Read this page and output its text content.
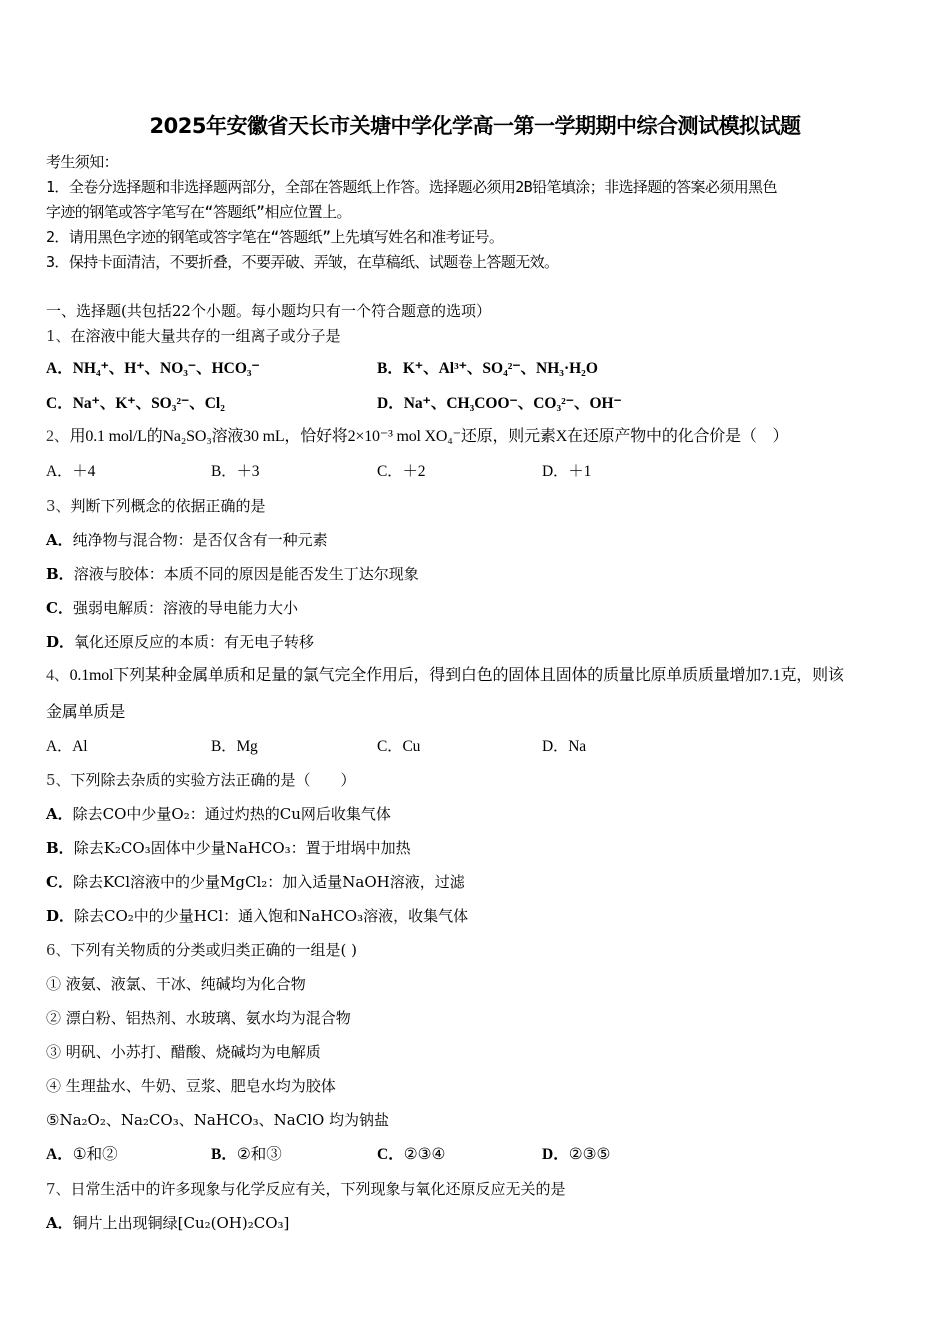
2025年安徽省天长市关塘中学化学高一第一学期期中综合测试模拟试题
考生须知：
1．全卷分选择题和非选择题两部分，全部在答题纸上作答。选择题必须用2B铅笔填涂；非选择题的答案必须用黑色
字迹的钢笔或答字笔写在“答题纸”相应位置上。
2．请用黑色字迹的钢笔或答字笔在“答题纸”上先填写姓名和准考证号。
3．保持卡面清洁，不要折叠，不要弄破、弄皱，在草稿纸、试题卷上答题无效。
一、选择题(共包括22个小题。每小题均只有一个符合题意的选项）
1、在溶液中能大量共存的一组离子或分子是
A．NH₄⁺、H⁺、NO₃⁻、HCO₃⁻	B．K⁺、Al³⁺、SO₄²⁻、NH₃·H₂O
C．Na⁺、K⁺、SO₃²⁻、Cl₂	D．Na⁺、CH₃COO⁻、CO₃²⁻、OH⁻
2、用0.1 mol/L的Na₂SO₃溶液30 mL，恰好将2×10⁻³ mol XO₄⁻还原，则元素X在还原产物中的化合价是（　）
A．＋4	B．＋3	C．＋2	D．＋1
3、判断下列概念的依据正确的是
A．纯净物与混合物：是否仅含有一种元素
B．溶液与胶体：本质不同的原因是能否发生丁达尔现象
C．强弱电解质：溶液的导电能力大小
D．氧化还原反应的本质：有无电子转移
4、0.1mol下列某种金属单质和足量的氯气完全作用后，得到白色的固体且固体的质量比原单质质量增加7.1克，则该
金属单质是
A．Al	B．Mg	C．Cu	D．Na
5、下列除去杂质的实验方法正确的是（　　）
A．除去CO中少量O₂：通过灼热的Cu网后收集气体
B．除去K₂CO₃固体中少量NaHCO₃：置于坩埚中加热
C．除去KCl溶液中的少量MgCl₂：加入适量NaOH溶液，过滤
D．除去CO₂中的少量HCl：通入饱和NaHCO₃溶液，收集气体
6、下列有关物质的分类或归类正确的一组是( )
① 液氨、液氯、干冰、纯碱均为化合物
② 漂白粉、铝热剂、水玻璃、氨水均为混合物
③ 明矾、小苏打、醋酸、烧碱均为电解质
④ 生理盐水、牛奶、豆浆、肥皂水均为胶体
⑤Na₂O₂、Na₂CO₃、NaHCO₃、NaClO 均为钠盐
A．①和②	B．②和③	C．②③④	D．②③⑤
7、日常生活中的许多现象与化学反应有关，下列现象与氧化还原反应无关的是
A．铜片上出现铜绿[Cu₂(OH)₂CO₃]
